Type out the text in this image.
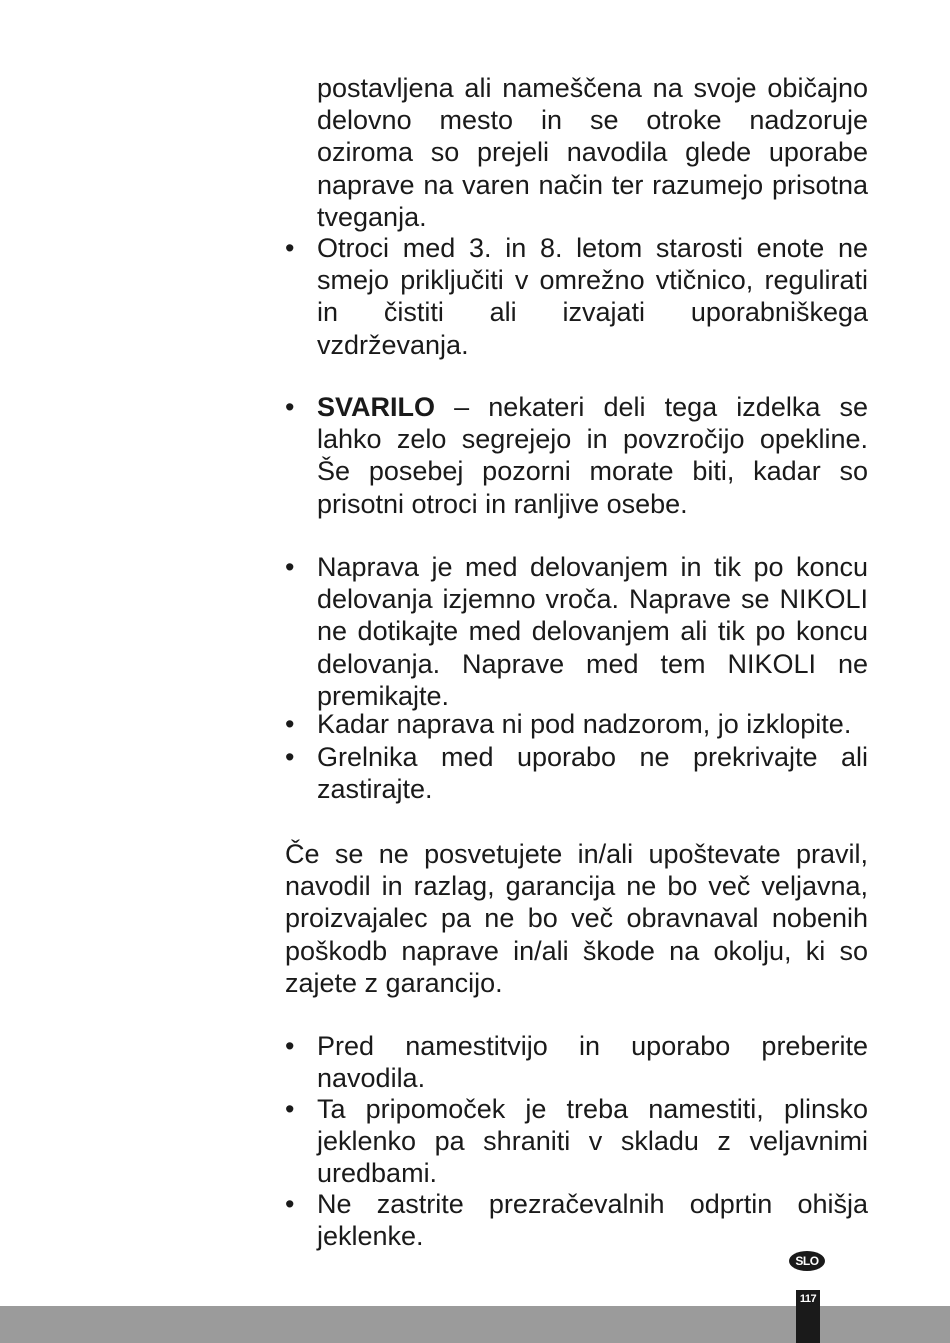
postavljena ali nameščena na svoje običajno delovno mesto in se otroke nadzoruje oziroma so prejeli navodila glede uporabe naprave na varen način ter razumejo prisotna tveganja.

• Otroci med 3. in 8. letom starosti enote ne smejo priključiti v omrežno vtičnico, regulirati in čistiti ali izvajati uporabniškega vzdrževanja.

• SVARILO – nekateri deli tega izdelka se lahko zelo segrejejo in povzročijo opekline. Še posebej pozorni morate biti, kadar so prisotni otroci in ranljive osebe.

• Naprava je med delovanjem in tik po koncu delovanja izjemno vroča. Naprave se NIKOLI ne dotikajte med delovanjem ali tik po koncu delovanja. Naprave med tem NIKOLI ne premikajte.

• Kadar naprava ni pod nadzorom, jo izklopite.

• Grelnika med uporabo ne prekrivajte ali zastirajte.

Če se ne posvetujete in/ali upoštevate pravil, navodil in razlag, garancija ne bo več veljavna, proizvajalec pa ne bo več obravnaval nobenih poškodb naprave in/ali škode na okolju, ki so zajete z garancijo.

• Pred namestitvijo in uporabo preberite navodila.

• Ta pripomoček je treba namestiti, plinsko jeklenko pa shraniti v skladu z veljavnimi uredbami.

• Ne zastrite prezračevalnih odprtin ohišja jeklenke.

SLO
117
